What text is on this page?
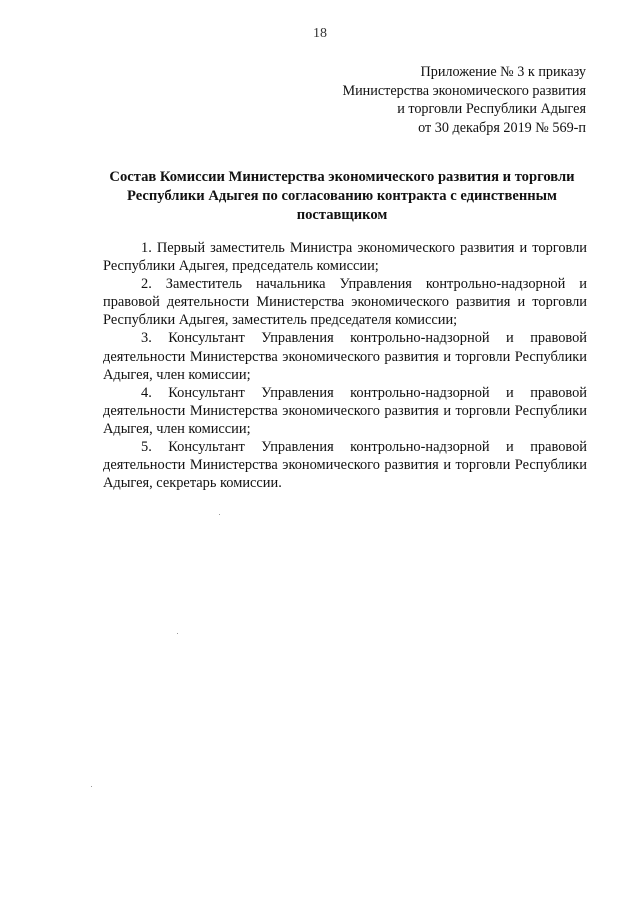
18
Приложение № 3 к приказу
Министерства экономического развития
и торговли Республики Адыгея
от 30 декабря 2019 № 569-п
Состав Комиссии Министерства экономического развития и торговли
Республики Адыгея по согласованию контракта с единственным
поставщиком

1. Первый заместитель Министра экономического развития и торговли Республики Адыгея, председатель комиссии;

2. Заместитель начальника Управления контрольно-надзорной и правовой деятельности Министерства экономического развития и торговли Республики Адыгея, заместитель председателя комиссии;

3. Консультант Управления контрольно-надзорной и правовой деятельности Министерства экономического развития и торговли Республики Адыгея, член комиссии;

4. Консультант Управления контрольно-надзорной и правовой деятельности Министерства экономического развития и торговли Республики Адыгея, член комиссии;

5. Консультант Управления контрольно-надзорной и правовой деятельности Министерства экономического развития и торговли Республики Адыгея, секретарь комиссии.
